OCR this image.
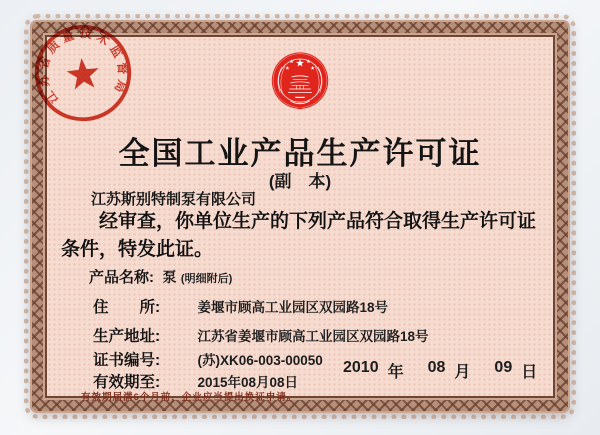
全国工业产品生产许可证
(副　本)
江苏斯别特制泵有限公司
经审查，你单位生产的下列产品符合取得生产许可证
条件，特发此证。
产品名称: 泵 (明细附后)
住　　所:	姜堰市顾高工业园区双园路18号
生产地址:	江苏省姜堰市顾高工业园区双园路18号
证书编号:	(苏)XK06-003-00050
有效期至:	2015年08月08日
有效期届满6个月前，企业应当提出换证申请。
2010 年 08 月 09 日
江苏省质量技术监督局
